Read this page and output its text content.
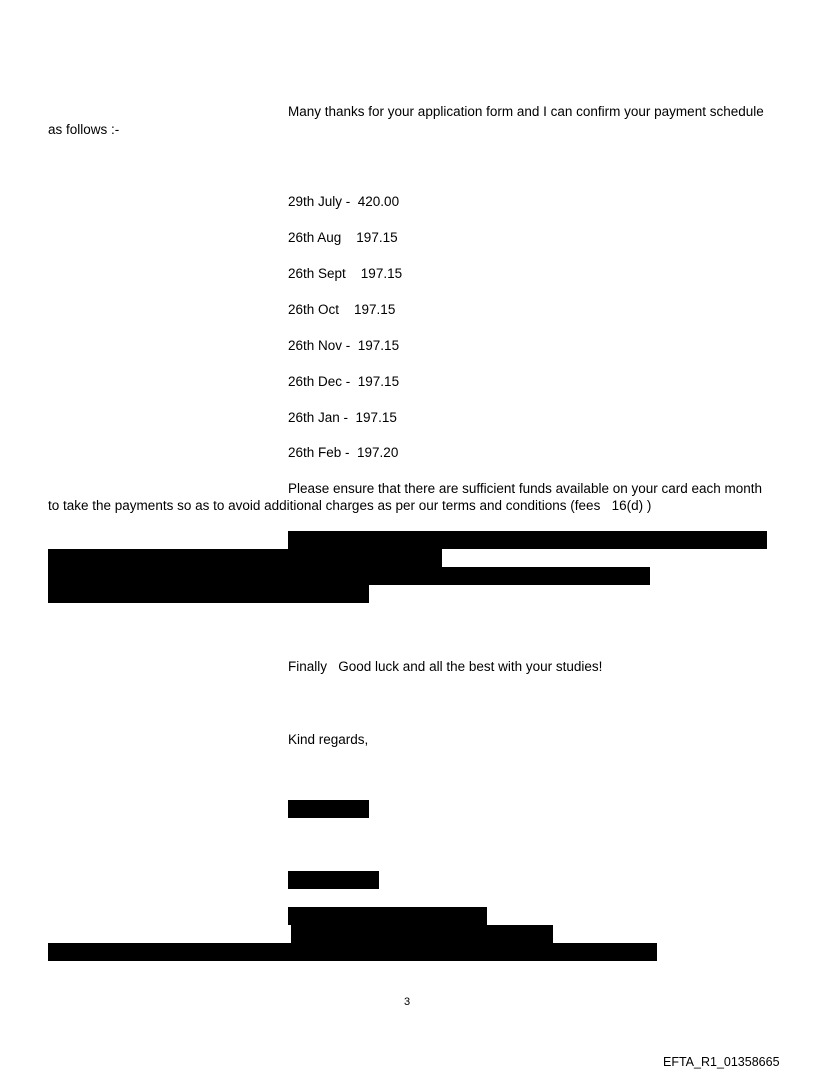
Many thanks for your application form and I can confirm your payment schedule
as follows :-
29th July -  420.00
26th Aug    197.15
26th Sept    197.15
26th Oct    197.15
26th Nov -  197.15
26th Dec -  197.15
26th Jan -  197.15
26th Feb -  197.20
Please ensure that there are sufficient funds available on your card each month
to take the payments so as to avoid additional charges as per our terms and conditions (fees   16(d) )
Finally   Good luck and all the best with your studies!
Kind regards,
3
EFTA_R1_01358665
